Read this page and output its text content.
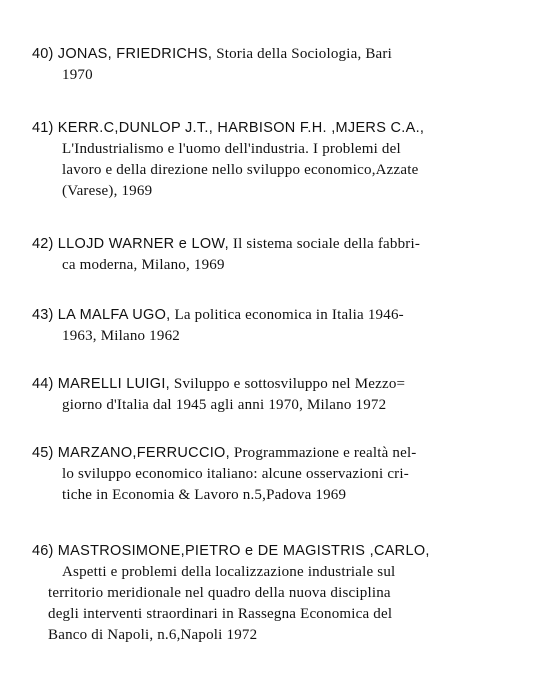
40) JONAS, FRIEDRICHS, Storia della Sociologia, Bari
1970
41) KERR.C,DUNLOP J.T., HARBISON F.H. ,MJERS C.A.,
L'Industrialismo e l'uomo dell'industria. I problemi del
lavoro e della direzione nello sviluppo economico,Azzate
(Varese), 1969
42) LLOJD WARNER e LOW, Il sistema sociale della fabbri-
ca moderna, Milano, 1969
43) LA MALFA UGO, La politica economica in Italia 1946-
1963, Milano 1962
44) MARELLI LUIGI, Sviluppo e sottosviluppo nel Mezzo=
giorno d'Italia dal 1945 agli anni 1970, Milano 1972
45) MARZANO,FERRUCCIO, Programmazione e realtà nel-
lo sviluppo economico italiano: alcune osservazioni cri-
tiche in Economia & Lavoro n.5,Padova 1969
46) MASTROSIMONE,PIETRO e DE MAGISTRIS ,CARLO,
Aspetti e problemi della localizzazione industriale sul
territorio meridionale nel quadro della nuova disciplina
degli interventi straordinari in Rassegna Economica del
Banco di Napoli, n.6,Napoli 1972
